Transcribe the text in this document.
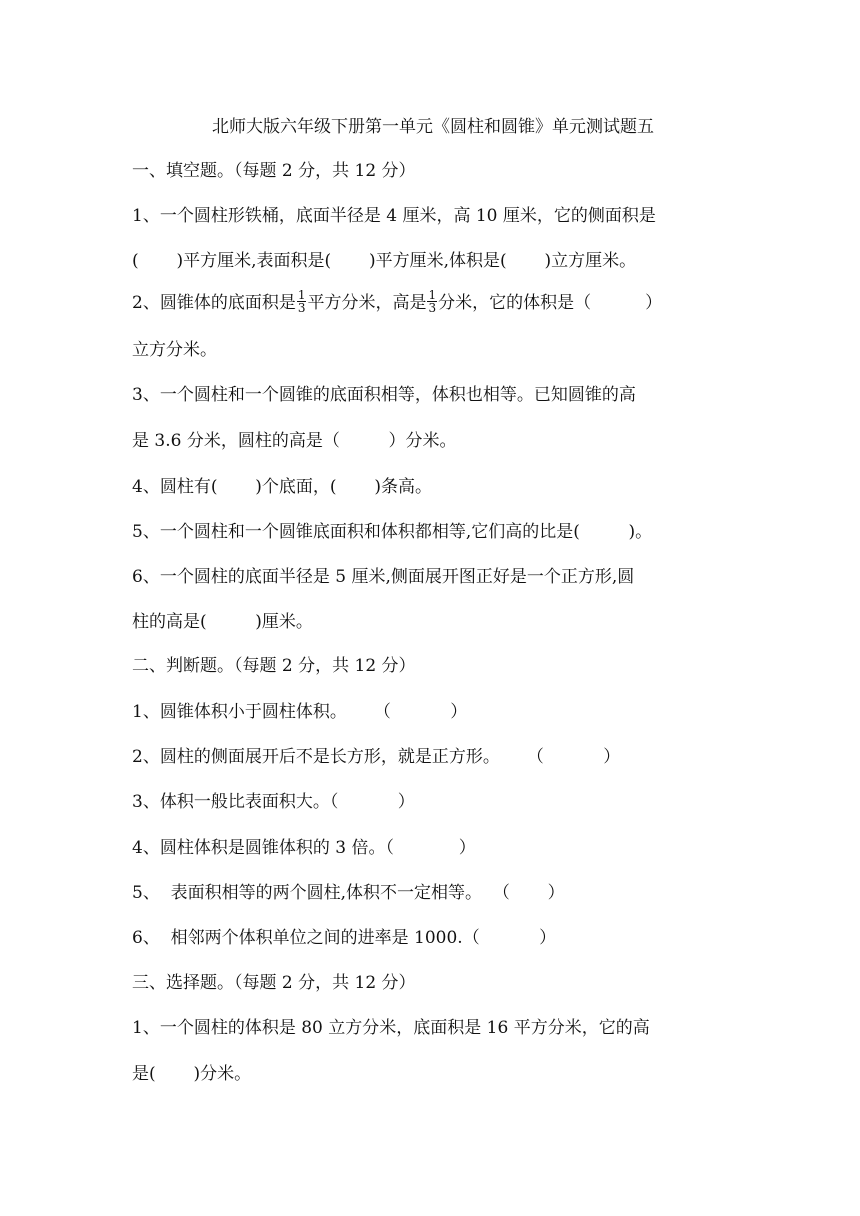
北师大版六年级下册第一单元《圆柱和圆锥》单元测试题五
一、填空题。（每题 2 分，共 12 分）
1、一个圆柱形铁桶，底面半径是 4 厘米，高 10 厘米，它的侧面积是
(       )平方厘米,表面积是(       )平方厘米,体积是(       )立方厘米。
2、圆锥体的底面积是 $\frac{1}{3}$ 平方分米，高是 $\frac{1}{3}$ 分米，它的体积是（          ）
立方分米。
3、一个圆柱和一个圆锥的底面积相等，体积也相等。已知圆锥的高
是 3.6 分米，圆柱的高是（         ）分米。
4、圆柱有(       )个底面，(       )条高。
5、一个圆柱和一个圆锥底面积和体积都相等,它们高的比是(         )。
6、一个圆柱的底面半径是 5 厘米,侧面展开图正好是一个正方形,圆
柱的高是(         )厘米。
二、判断题。（每题 2 分，共 12 分）
1、圆锥体积小于圆柱体积。     （           ）
2、圆柱的侧面展开后不是长方形，就是正方形。     （           ）
3、体积一般比表面积大。（           ）
4、圆柱体积是圆锥体积的 3 倍。（            ）
5、  表面积相等的两个圆柱,体积不一定相等。  （       ）
6、  相邻两个体积单位之间的进率是 1000.（           ）
三、选择题。（每题 2 分，共 12 分）
1、一个圆柱的体积是 80 立方分米，底面积是 16 平方分米，它的高
是(       )分米。
